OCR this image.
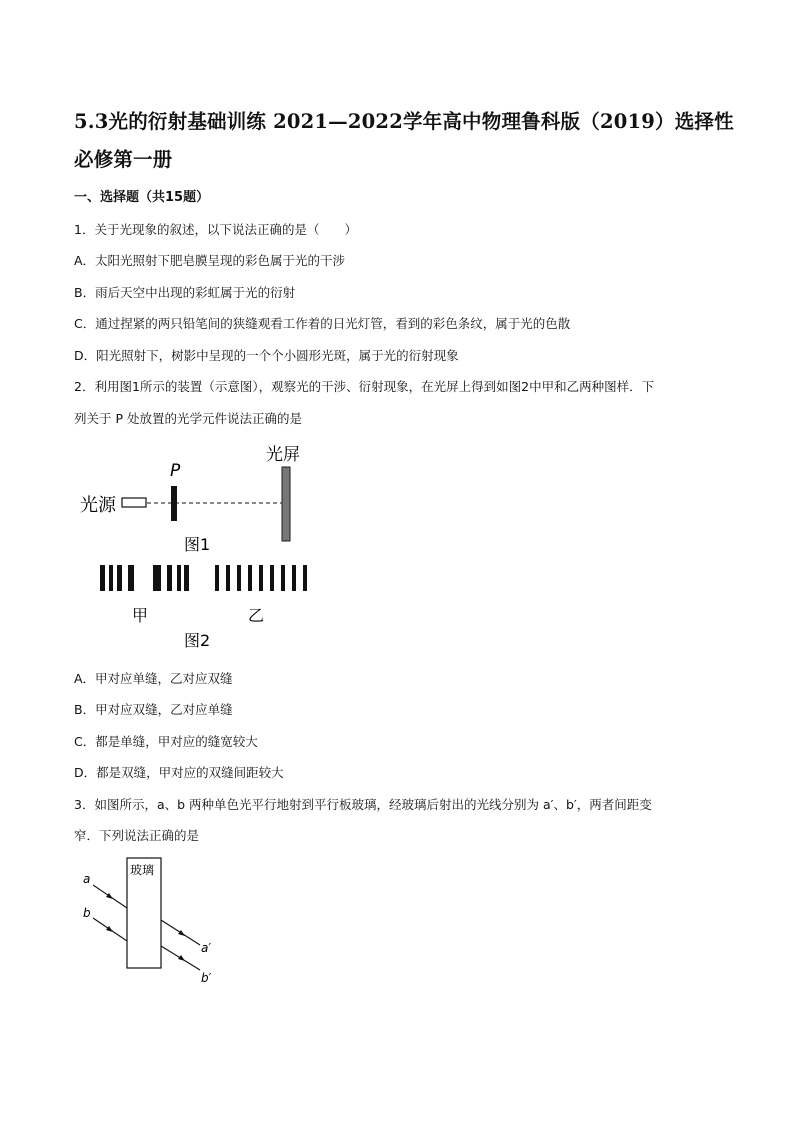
5.3光的衍射基础训练 2021—2022学年高中物理鲁科版（2019）选择性必修第一册
一、选择题（共15题）
1．关于光现象的叙述，以下说法正确的是（　　）
A．太阳光照射下肥皂膜呈现的彩色属于光的干涉
B．雨后天空中出现的彩虹属于光的衍射
C．通过捏紧的两只铅笔间的狭缝观看工作着的日光灯管，看到的彩色条纹，属于光的色散
D．阳光照射下，树影中呈现的一个个小圆形光斑，属于光的衍射现象
2．利用图1所示的装置（示意图），观察光的干涉、衍射现象，在光屏上得到如图2中甲和乙两种图样．下
列关于 P 处放置的光学元件说法正确的是
光源
P
光屏
图1
甲	乙
图2
A．甲对应单缝，乙对应双缝
B．甲对应双缝，乙对应单缝
C．都是单缝，甲对应的缝宽较大
D．都是双缝，甲对应的双缝间距较大
3．如图所示，a、b 两种单色光平行地射到平行板玻璃，经玻璃后射出的光线分别为 a′、b′，两者间距变
窄．下列说法正确的是
玻璃
a
a′
b
b′
